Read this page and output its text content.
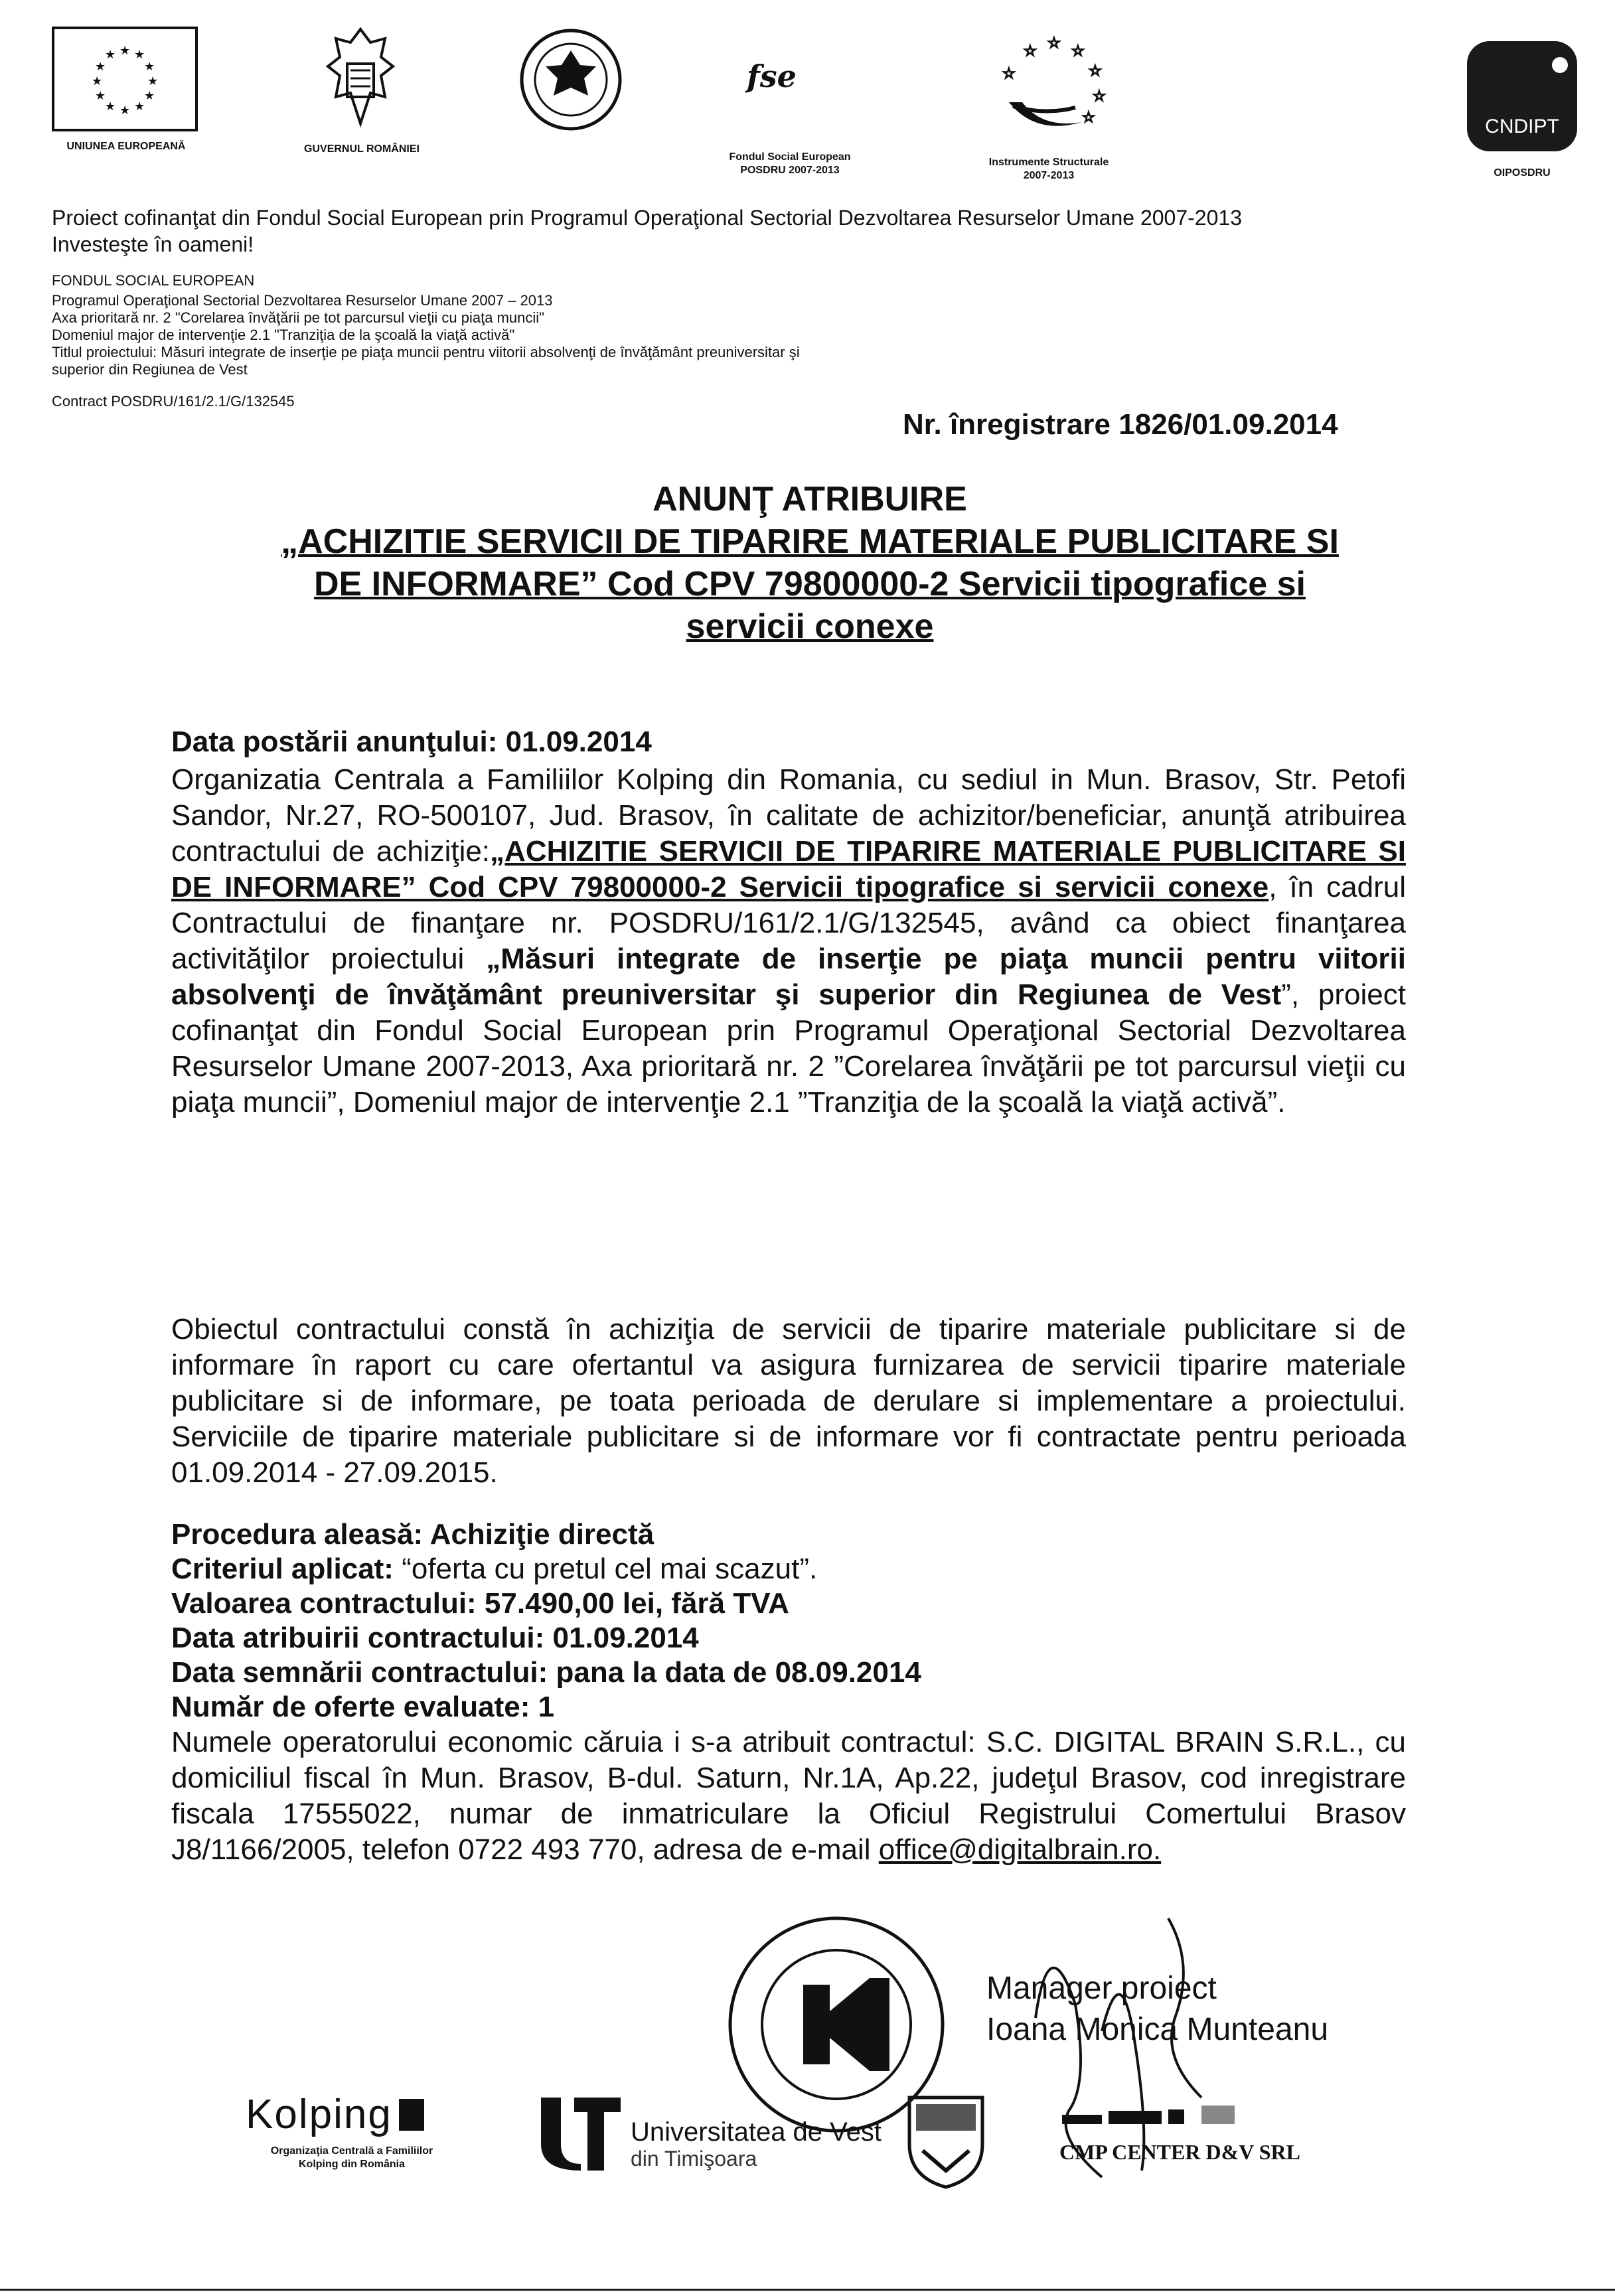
★ ★
★
★
★
★
★
★
★
★
★
★
UNIUNEA EUROPEANĂ	GUVERNUL ROMÂNIEI
fse
Fondul Social European
POSDRU 2007-2013
☆
☆ ☆ ☆
☆
☆
☆
Instrumente Structurale
2007-2013
CNDIPT
OIPOSDRU
Proiect cofinanţat din Fondul Social European prin Programul Operaţional Sectorial Dezvoltarea Resurselor Umane 2007-2013
Investeşte în oameni!
FONDUL SOCIAL EUROPEAN
Programul Operaţional Sectorial Dezvoltarea Resurselor Umane 2007 – 2013
Axa prioritară nr. 2 "Corelarea învăţării pe tot parcursul vieţii cu piaţa muncii"
Domeniul major de intervenţie 2.1 "Tranziţia de la şcoală la viaţă activă"
Titlul proiectului: Măsuri integrate de inserţie pe piaţa muncii pentru viitorii absolvenţi de învăţământ preuniversitar şi
superior din Regiunea de Vest
Contract POSDRU/161/2.1/G/132545
Nr. înregistrare 1826/01.09.2014
ANUNŢ ATRIBUIRE
„ACHIZITIE SERVICII DE TIPARIRE MATERIALE PUBLICITARE SI
DE INFORMARE” Cod CPV 79800000-2 Servicii tipografice si
servicii conexe
Data postării anunţului: 01.09.2014
Organizatia Centrala a Familiilor Kolping din Romania, cu sediul in Mun. Brasov, Str. Petofi Sandor, Nr.27, RO-500107, Jud. Brasov, în calitate de achizitor/beneficiar, anunţă atribuirea contractului de achiziţie:„ACHIZITIE SERVICII DE TIPARIRE MATERIALE PUBLICITARE SI DE INFORMARE” Cod CPV 79800000-2 Servicii tipografice si servicii conexe, în cadrul Contractului de finanţare nr. POSDRU/161/2.1/G/132545, având ca obiect finanţarea activităţilor proiectului „Măsuri integrate de inserţie pe piaţa muncii pentru viitorii absolvenţi de învăţământ preuniversitar şi superior din Regiunea de Vest”, proiect cofinanţat din Fondul Social European prin Programul Operaţional Sectorial Dezvoltarea Resurselor Umane 2007-2013, Axa prioritară nr. 2 ”Corelarea învăţării pe tot parcursul vieţii cu piaţa muncii”, Domeniul major de intervenţie 2.1 ”Tranziţia de la şcoală la viaţă activă”.
Obiectul contractului constă în achiziţia de servicii de tiparire materiale publicitare si de informare în raport cu care ofertantul va asigura furnizarea de servicii tiparire materiale publicitare si de informare, pe toata perioada de derulare si implementare a proiectului. Serviciile de tiparire materiale publicitare si de informare vor fi contractate pentru perioada 01.09.2014 - 27.09.2015.
Procedura aleasă: Achiziţie directă
Criteriul aplicat: “oferta cu pretul cel mai scazut”.
Valoarea contractului: 57.490,00 lei, fără TVA
Data atribuirii contractului: 01.09.2014
Data semnării contractului: pana la data de 08.09.2014
Număr de oferte evaluate: 1
Numele operatorului economic căruia i s-a atribuit contractul: S.C. DIGITAL BRAIN S.R.L., cu domiciliul fiscal în Mun. Brasov, B-dul. Saturn, Nr.1A, Ap.22, judeţul Brasov, cod inregistrare fiscala 17555022, numar de inmatriculare la Oficiul Registrului Comertului Brasov J8/1166/2005, telefon 0722 493 770, adresa de e-mail office@digitalbrain.ro.
Manager proiect
Ioana Monica Munteanu
Kolping
Organizaţia Centrală a Familiilor
Kolping din România
Universitatea de Vest
din Timişoara	CMP CENTER D&V SRL
